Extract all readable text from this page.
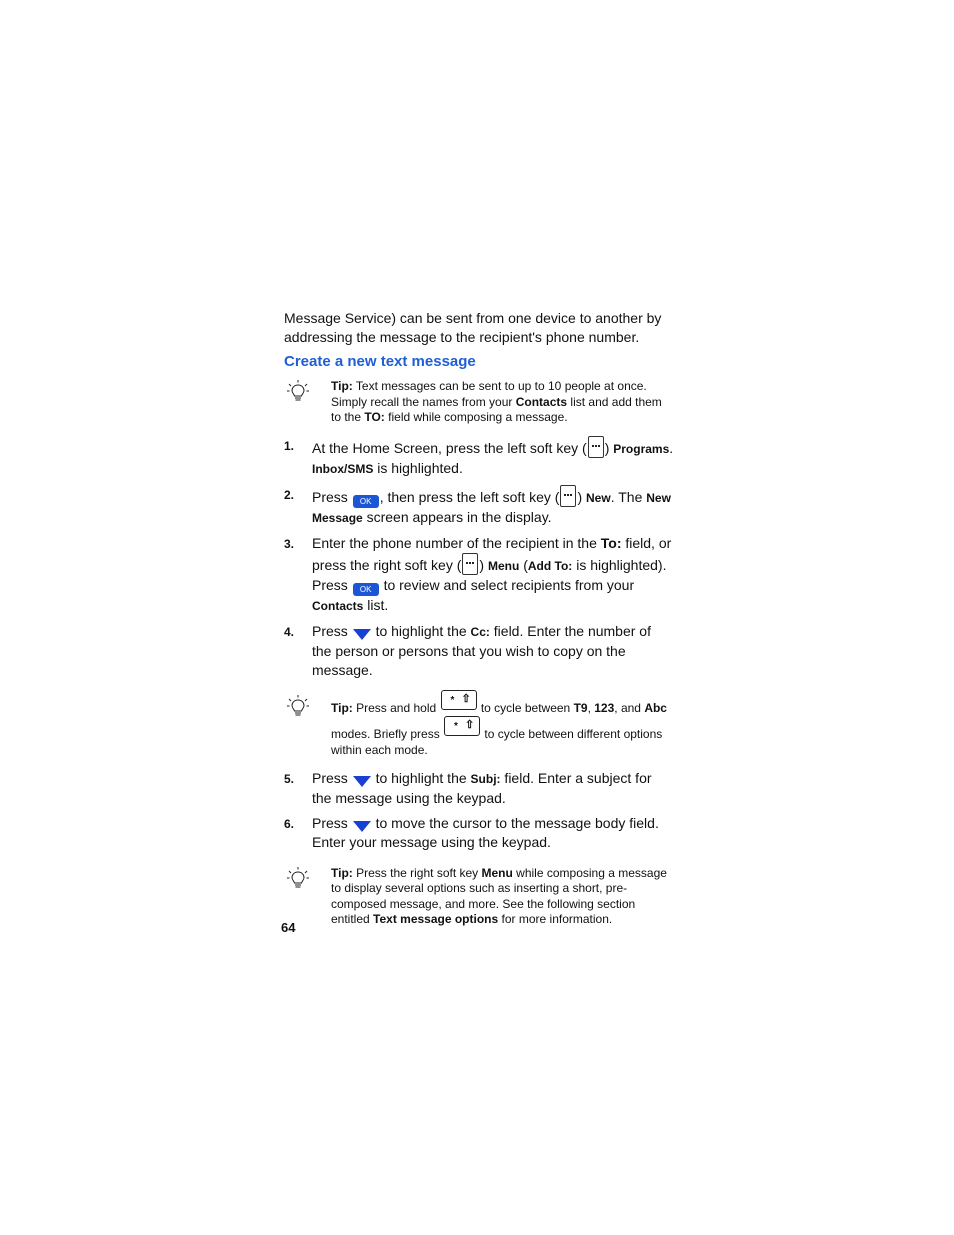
Message Service) can be sent from one device to another by addressing the message to the recipient's phone number.

Create a new text message
Tip: Text messages can be sent to up to 10 people at once. Simply recall the names from your Contacts list and add them to the TO: field while composing a message.
1. At the Home Screen, press the left soft key ( ) Programs. Inbox/SMS is highlighted.
2. Press OK , then press the left soft key ( ) New. The New Message screen appears in the display.
3. Enter the phone number of the recipient in the To: field, or press the right soft key ( ) Menu (Add To: is highlighted). Press OK to review and select recipients from your Contacts list.
4. Press  to highlight the Cc: field. Enter the number of the person or persons that you wish to copy on the message.
Tip: Press and hold
* ⇧
to cycle between T9, 123, and Abc modes. Briefly press
* ⇧
to cycle between different options within each mode.
5. Press  to highlight the Subj: field. Enter a subject for the message using the keypad.
6. Press  to move the cursor to the message body field. Enter your message using the keypad.
Tip: Press the right soft key Menu while composing a message to display several options such as inserting a short, pre-composed message, and more. See the following section entitled Text message options for more information.
64
